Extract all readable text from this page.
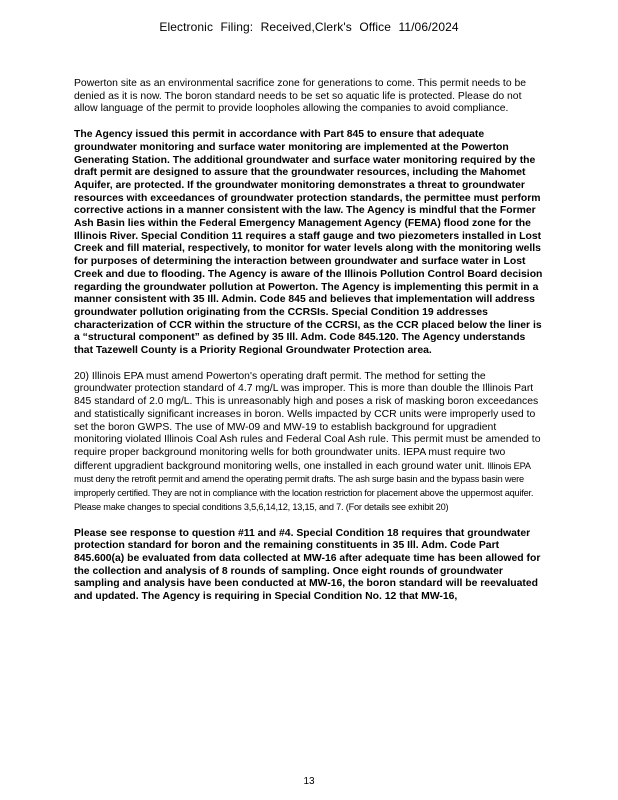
Electronic Filing: Received,Clerk's Office 11/06/2024

Powerton site as an environmental sacrifice zone for generations to come. This permit needs to be denied as it is now. The boron standard needs to be set so aquatic life is protected. Please do not allow language of the permit to provide loopholes allowing the companies to avoid compliance.

The Agency issued this permit in accordance with Part 845 to ensure that adequate groundwater monitoring and surface water monitoring are implemented at the Powerton Generating Station. The additional groundwater and surface water monitoring required by the draft permit are designed to assure that the groundwater resources, including the Mahomet Aquifer, are protected. If the groundwater monitoring demonstrates a threat to groundwater resources with exceedances of groundwater protection standards, the permittee must perform corrective actions in a manner consistent with the law. The Agency is mindful that the Former Ash Basin lies within the Federal Emergency Management Agency (FEMA) flood zone for the Illinois River. Special Condition 11 requires a staff gauge and two piezometers installed in Lost Creek and fill material, respectively, to monitor for water levels along with the monitoring wells for purposes of determining the interaction between groundwater and surface water in Lost Creek and due to flooding. The Agency is aware of the Illinois Pollution Control Board decision regarding the groundwater pollution at Powerton. The Agency is implementing this permit in a manner consistent with 35 Ill. Admin. Code 845 and believes that implementation will address groundwater pollution originating from the CCRSIs. Special Condition 19 addresses characterization of CCR within the structure of the CCRSI, as the CCR placed below the liner is a “structural component” as defined by 35 Ill. Adm. Code 845.120. The Agency understands that Tazewell County is a Priority Regional Groundwater Protection area.

20) Illinois EPA must amend Powerton's operating draft permit. The method for setting the groundwater protection standard of 4.7 mg/L was improper. This is more than double the Illinois Part 845 standard of 2.0 mg/L. This is unreasonably high and poses a risk of masking boron exceedances and statistically significant increases in boron. Wells impacted by CCR units were improperly used to set the boron GWPS. The use of MW-09 and MW-19 to establish background for upgradient monitoring violated Illinois Coal Ash rules and Federal Coal Ash rule. This permit must be amended to require proper background monitoring wells for both groundwater units. IEPA must require two different upgradient background monitoring wells, one installed in each ground water unit. Illinois EPA must deny the retrofit permit and amend the operating permit drafts. The ash surge basin and the bypass basin were improperly certified. They are not in compliance with the location restriction for placement above the uppermost aquifer. Please make changes to special conditions 3,5,6,14,12, 13,15, and 7. (For details see exhibit 20)

Please see response to question #11 and #4. Special Condition 18 requires that groundwater protection standard for boron and the remaining constituents in 35 Ill. Adm. Code Part 845.600(a) be evaluated from data collected at MW-16 after adequate time has been allowed for the collection and analysis of 8 rounds of sampling. Once eight rounds of groundwater sampling and analysis have been conducted at MW-16, the boron standard will be reevaluated and updated. The Agency is requiring in Special Condition No. 12 that MW-16,

13
